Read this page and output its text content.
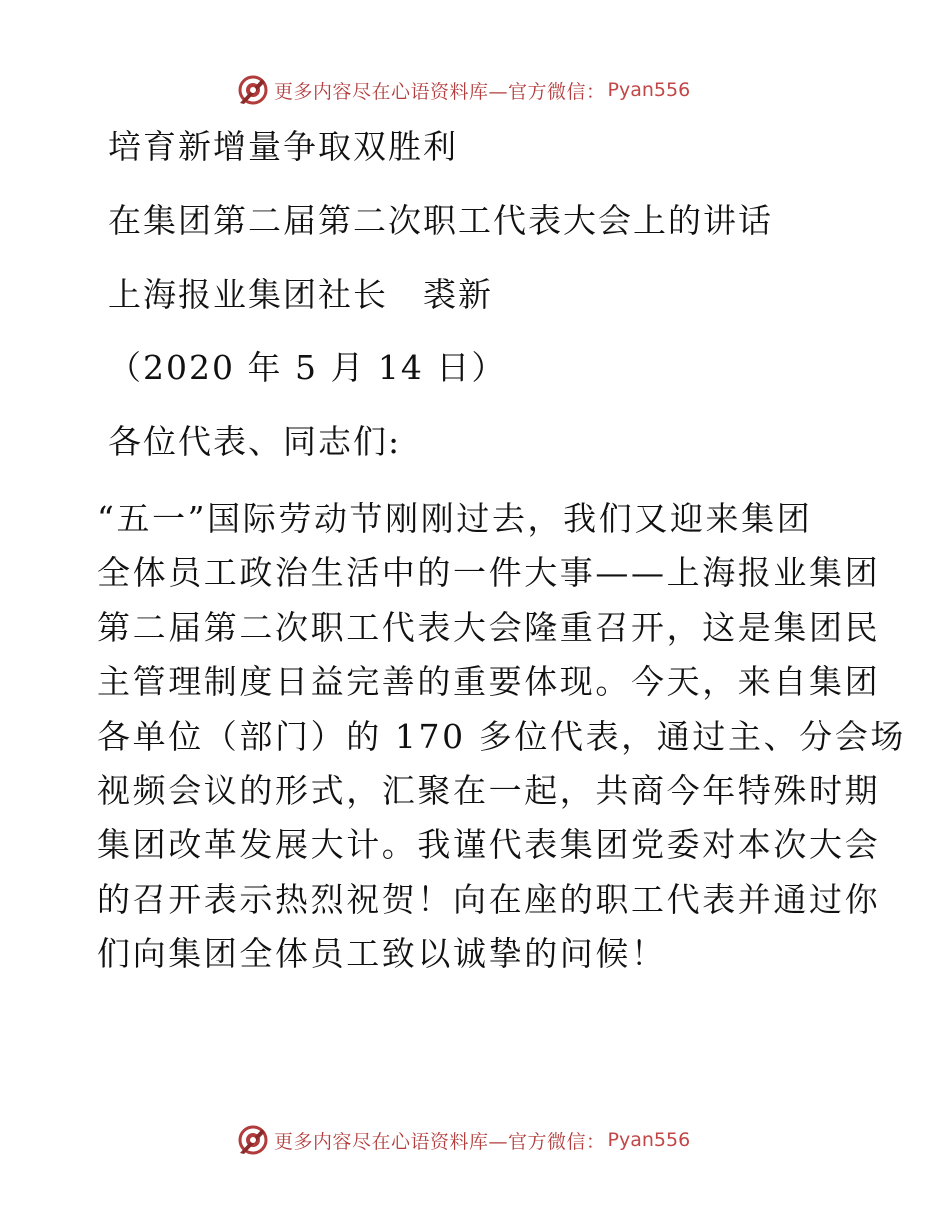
更多内容尽在心语资料库—官方微信： Pyan556
培育新增量争取双胜利
在集团第二届第二次职工代表大会上的讲话
上海报业集团社长　裘新
（2020 年 5 月 14 日）
各位代表、同志们:
“五一”国际劳动节刚刚过去，我们又迎来集团
全体员工政治生活中的一件大事——上海报业集团
第二届第二次职工代表大会隆重召开，这是集团民
主管理制度日益完善的重要体现。今天，来自集团
各单位（部门）的 170 多位代表，通过主、分会场
视频会议的形式，汇聚在一起，共商今年特殊时期
集团改革发展大计。我谨代表集团党委对本次大会
的召开表示热烈祝贺！向在座的职工代表并通过你
们向集团全体员工致以诚挚的问候！
更多内容尽在心语资料库—官方微信： Pyan556
